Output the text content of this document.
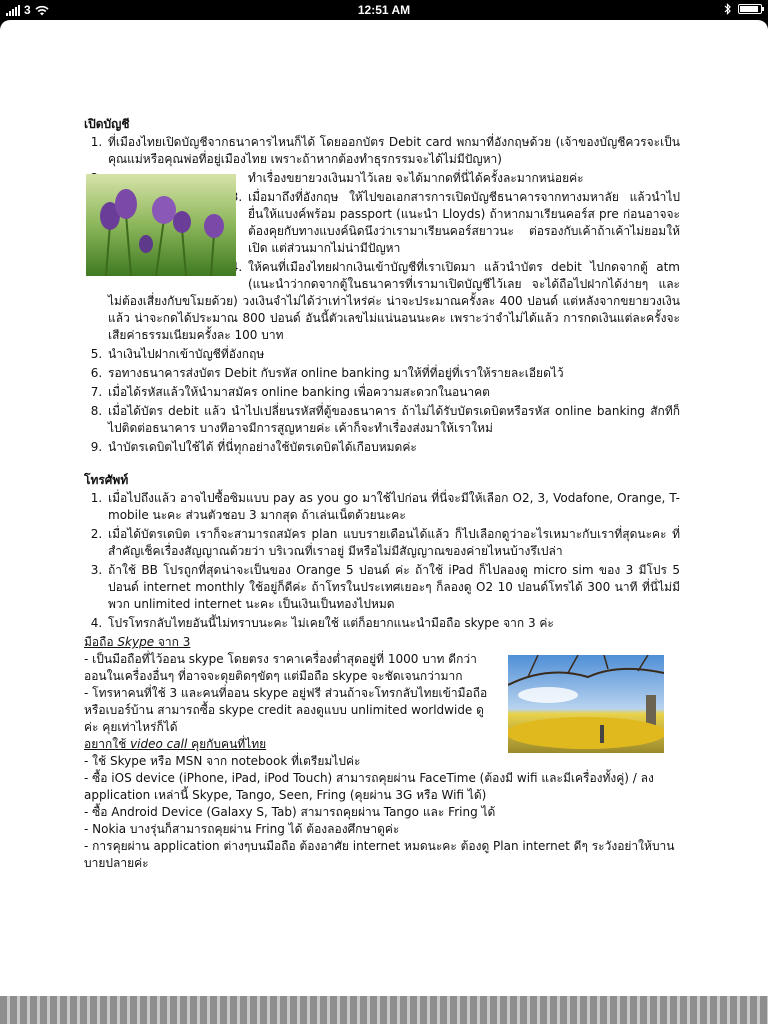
3	12:51 AM
เปิดบัญชี
1. ที่เมืองไทยเปิดบัญชีจากธนาคารไหนก็ได้ โดยออกบัตร Debit card พกมาที่อังกฤษด้วย (เจ้าของบัญชีควรจะเป็นคุณแม่หรือคุณพ่อที่อยู่เมืองไทย เพราะถ้าหากต้องทำธุรกรรมจะได้ไม่มีปัญหา)
2. ทำเรื่องขยายวงเงินมาไว้เลย จะได้มากดที่นี่ได้ครั้งละมากหน่อยค่ะ
3. เมื่อมาถึงที่อังกฤษ ให้ไปขอเอกสารการเปิดบัญชีธนาคารจากทางมหาลัย แล้วนำไปยื่นให้แบงค์พร้อม passport (แนะนำ Lloyds) ถ้าหากมาเรียนคอร์ส pre ก่อนอาจจะต้องคุยกับทางแบงค์นิดนึงว่าเรามาเรียนคอร์สยาวนะ ต่อรองกับเค้าถ้าเค้าไม่ยอมให้เปิด แต่ส่วนมากไม่น่ามีปัญหา
4. ให้คนที่เมืองไทยฝากเงินเข้าบัญชีที่เราเปิดมา แล้วนำบัตร debit ไปกดจากตู้ atm (แนะนำว่ากดจากตู้ในธนาคารที่เรามาเปิดบัญชีไว้เลย จะได้ถือไปฝากได้ง่ายๆ และไม่ต้องเสี่ยงกับขโมยด้วย) วงเงินจำไม่ได้ว่าเท่าไหร่ค่ะ น่าจะประมาณครั้งละ 400 ปอนด์ แต่หลังจากขยายวงเงินแล้ว น่าจะกดได้ประมาณ 800 ปอนด์ อันนี้ตัวเลขไม่แน่นอนนะคะ เพราะว่าจำไม่ได้แล้ว การกดเงินแต่ละครั้งจะเสียค่าธรรมเนียมครั้งละ 100 บาท
5. นำเงินไปฝากเข้าบัญชีที่อังกฤษ
6. รอทางธนาคารส่งบัตร Debit กับรหัส online banking มาให้ที่ที่อยู่ที่เราให้รายละเอียดไว้
7. เมื่อได้รหัสแล้วให้นำมาสมัคร online banking เพื่อความสะดวกในอนาคต
8. เมื่อได้บัตร debit แล้ว นำไปเปลี่ยนรหัสที่ตู้ของธนาคาร ถ้าไม่ได้รับบัตรเดบิตหรือรหัส online banking สักทีก็ไปติดต่อธนาคาร บางทีอาจมีการสูญหายค่ะ เค้าก็จะทำเรื่องส่งมาให้เราใหม่
9. นำบัตรเดบิตไปใช้ได้ ที่นี่ทุกอย่างใช้บัตรเดบิตได้เกือบหมดค่ะ
โทรศัพท์
1. เมื่อไปถึงแล้ว อาจไปซื้อซิมแบบ pay as you go มาใช้ไปก่อน ที่นี่จะมีให้เลือก O2, 3, Vodafone, Orange, T-mobile นะคะ ส่วนตัวชอบ 3 มากสุด ถ้าเล่นเน็ตด้วยนะคะ
2. เมื่อได้บัตรเดบิต เราก็จะสามารถสมัคร plan แบบรายเดือนได้แล้ว ก็ไปเลือกดูว่าอะไรเหมาะกับเราที่สุดนะคะ ที่สำคัญเช็คเรื่องสัญญาณด้วยว่า บริเวณที่เราอยู่ มีหรือไม่มีสัญญาณของค่ายไหนบ้างรึเปล่า
3. ถ้าใช้ BB โปรถูกที่สุดน่าจะเป็นของ Orange 5 ปอนด์ ค่ะ ถ้าใช้ iPad ก็ไปลองดู micro sim ของ 3 มีโปร 5 ปอนด์ internet monthly ใช้อยู่ก็ดีค่ะ ถ้าโทรในประเทศเยอะๆ ก็ลองดู O2 10 ปอนด์โทรได้ 300 นาที ที่นี่ไม่มีพวก unlimited internet นะคะ เป็นเงินเป็นทองไปหมด
4. โปรโทรกลับไทยอันนี้ไม่ทราบนะคะ ไม่เคยใช้ แต่ก็อยากแนะนำมือถือ skype จาก 3 ค่ะ
มือถือ Skype จาก 3

- เป็นมือถือที่ไว้ออน skype โดยตรง ราคาเครื่องต่ำสุดอยู่ที่ 1000 บาท ดีกว่าออนในเครื่องอื่นๆ ที่อาจจะดุยติดๆขัดๆ แต่มือถือ skype จะชัดเจนกว่ามาก

- โทรหาคนที่ใช้ 3 และคนที่ออน skype อยู่ฟรี ส่วนถ้าจะโทรกลับไทยเข้ามือถือหรือเบอร์บ้าน สามารถซื้อ skype credit ลองดูแบบ unlimited worldwide ดูค่ะ คุยเท่าไหร่ก็ได้

อยากใช้ video call คุยกับคนที่ไทย

- ใช้ Skype หรือ MSN จาก notebook ที่เตรียมไปค่ะ

- ซื้อ iOS device (iPhone, iPad, iPod Touch) สามารถคุยผ่าน FaceTime (ต้องมี wifi และมีเครื่องทั้งคู่) / ลง application เหล่านี้ Skype, Tango, Seen, Fring (คุยผ่าน 3G หรือ Wifi ได้)

- ซื้อ Android Device (Galaxy S, Tab) สามารถคุยผ่าน Tango และ Fring ได้

- Nokia บางรุ่นก็สามารถคุยผ่าน Fring ได้ ต้องลองศึกษาดูค่ะ

- การคุยผ่าน application ต่างๆบนมือถือ ต้องอาศัย internet หมดนะคะ ต้องดู Plan internet ดีๆ ระวังอย่าให้บานบายปลายค่ะ
